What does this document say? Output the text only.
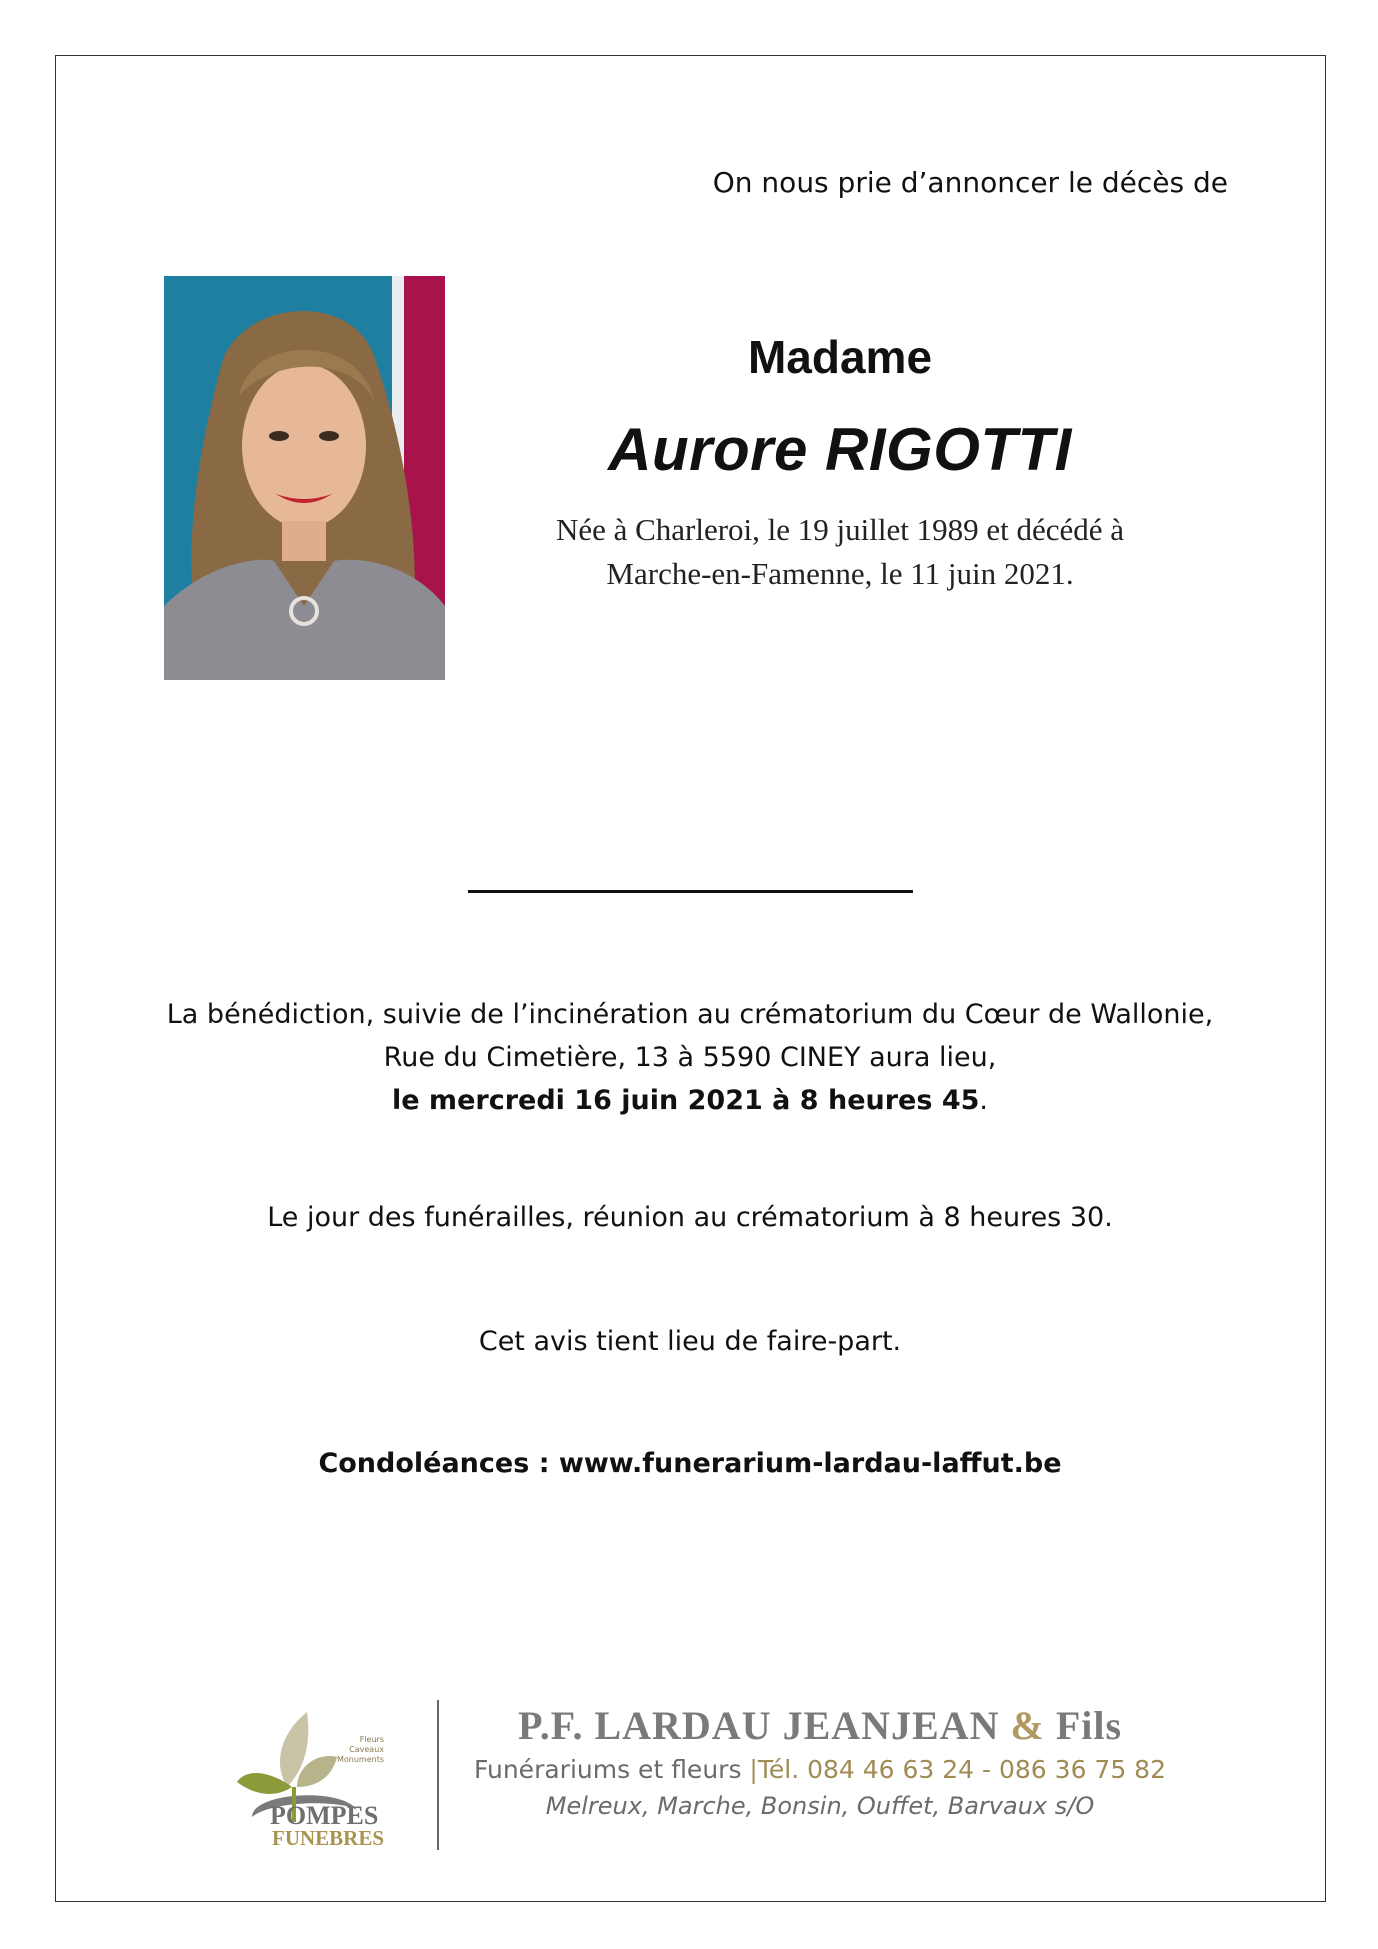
On nous prie d’annoncer le décès de
Madame
Aurore RIGOTTI
Née à Charleroi, le 19 juillet 1989 et décédé à
Marche-en-Famenne, le 11 juin 2021.
La bénédiction, suivie de l’incinération au crématorium du Cœur de Wallonie,
Rue du Cimetière, 13 à 5590 CINEY aura lieu,
le mercredi 16 juin 2021 à 8 heures 45.
Le jour des funérailles, réunion au crématorium à 8 heures 30.
Cet avis tient lieu de faire-part.
Condoléances : www.funerarium-lardau-laffut.be
Fleurs
Caveaux
Monuments
POMPES
FUNEBRES
P.F. LARDAU JEANJEAN & Fils
Funérariums et fleurs |Tél. 084 46 63 24 - 086 36 75 82
Melreux, Marche, Bonsin, Ouffet, Barvaux s/O
